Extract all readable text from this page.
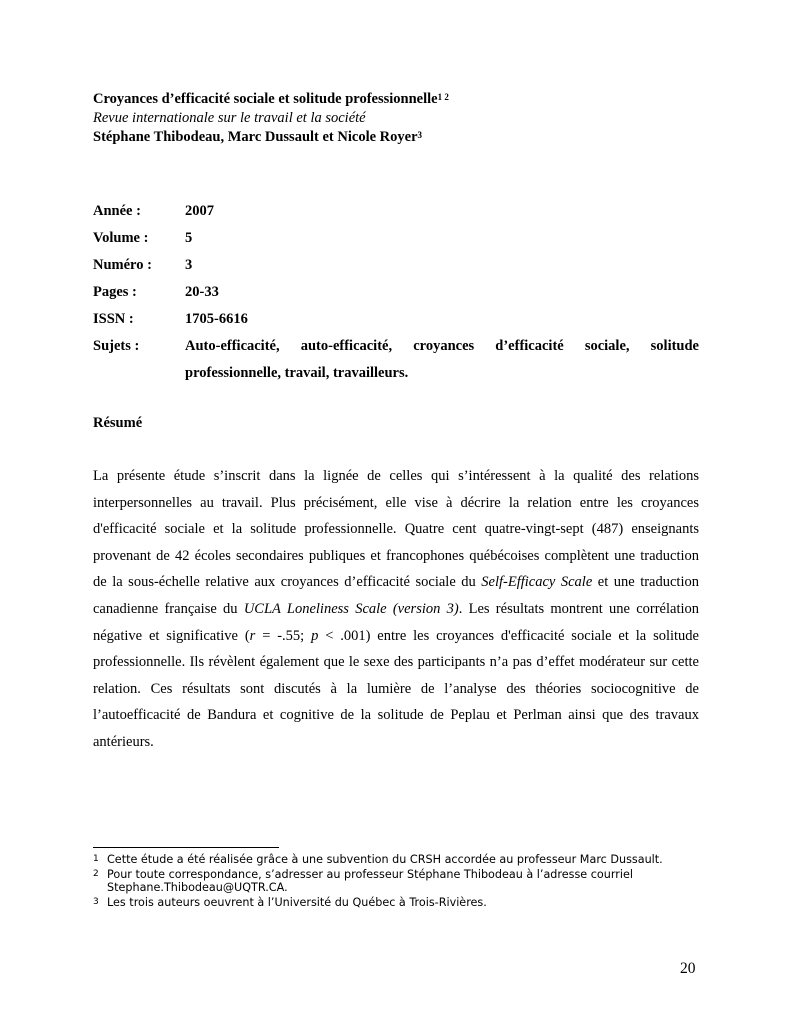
Croyances d’efficacité sociale et solitude professionnelle$^{1 2}$
Revue internationale sur le travail et la société
Stéphane Thibodeau, Marc Dussault et Nicole Royer$^3$
Année :	2007
Volume :	5
Numéro :	3
Pages :	20-33
ISSN :	1705-6616
Sujets :	Auto-efficacité, auto-efficacité, croyances d’efficacité sociale, solitude professionnelle, travail, travailleurs.
Résumé
La présente étude s’inscrit dans la lignée de celles qui s’intéressent à la qualité des relations interpersonnelles au travail. Plus précisément, elle vise à décrire la relation entre les croyances d'efficacité sociale et la solitude professionnelle. Quatre cent quatre-vingt-sept (487) enseignants provenant de 42 écoles secondaires publiques et francophones québécoises complètent une traduction de la sous-échelle relative aux croyances d’efficacité sociale du Self-Efficacy Scale et une traduction canadienne française du UCLA Loneliness Scale (version 3). Les résultats montrent une corrélation négative et significative (r = -.55; p < .001) entre les croyances d'efficacité sociale et la solitude professionnelle. Ils révèlent également que le sexe des participants n’a pas d’effet modérateur sur cette relation. Ces résultats sont discutés à la lumière de l’analyse des théories sociocognitive de l’autoefficacité de Bandura et cognitive de la solitude de Peplau et Perlman ainsi que des travaux antérieurs.
1 Cette étude a été réalisée grâce à une subvention du CRSH accordée au professeur Marc Dussault.
2 Pour toute correspondance, s’adresser au professeur Stéphane Thibodeau à l’adresse courriel Stephane.Thibodeau@UQTR.CA.
3 Les trois auteurs oeuvrent à l’Université du Québec à Trois-Rivières.
20
